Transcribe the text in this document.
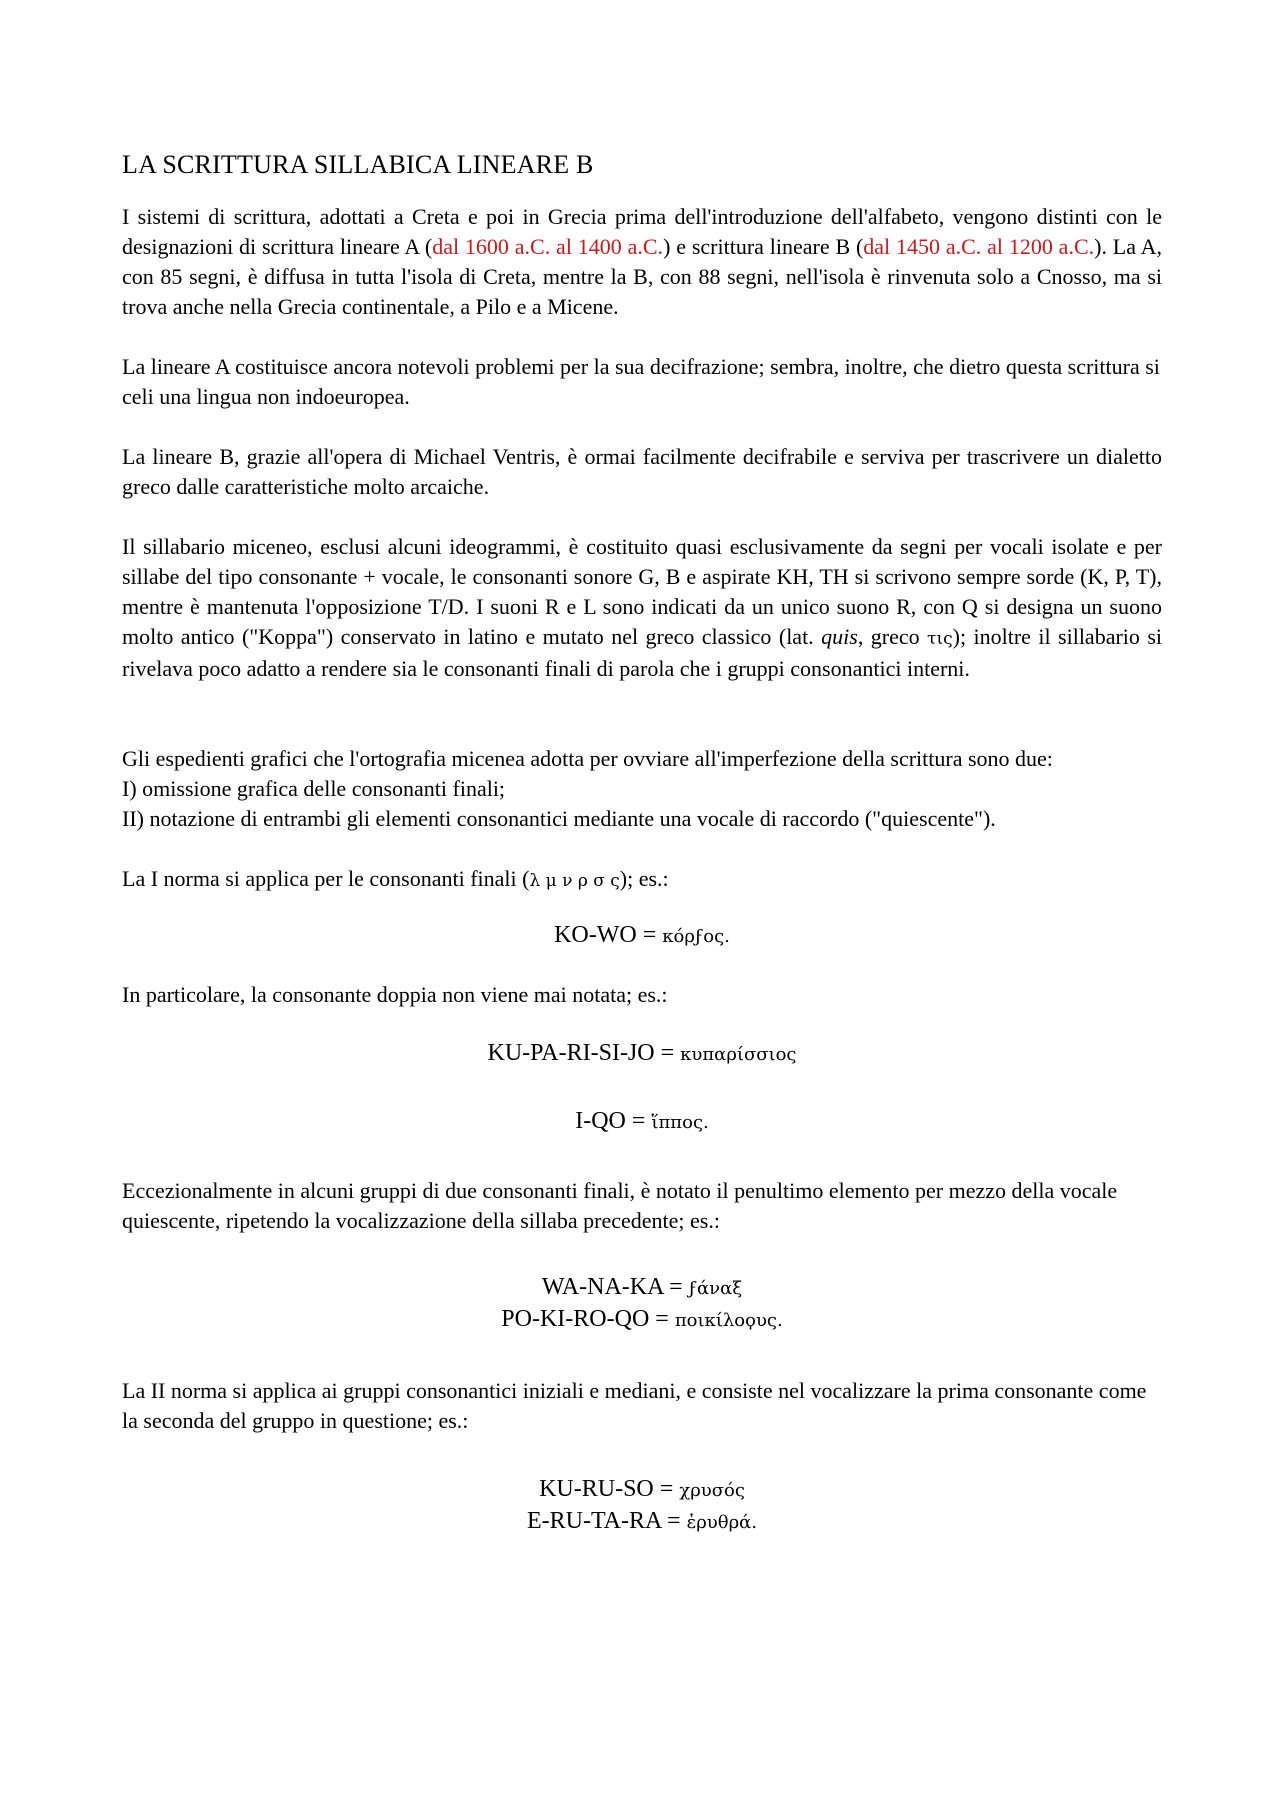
LA SCRITTURA SILLABICA LINEARE B

I sistemi di scrittura, adottati a Creta e poi in Grecia prima dell'introduzione dell'alfabeto, vengono distinti con le designazioni di scrittura lineare A (dal 1600 a.C. al 1400 a.C.) e scrittura lineare B (dal 1450 a.C. al 1200 a.C.). La A, con 85 segni, è diffusa in tutta l'isola di Creta, mentre la B, con 88 segni, nell'isola è rinvenuta solo a Cnosso, ma si trova anche nella Grecia continentale, a Pilo e a Micene.

La lineare A costituisce ancora notevoli problemi per la sua decifrazione; sembra, inoltre, che dietro questa scrittura si celi una lingua non indoeuropea.

La lineare B, grazie all'opera di Michael Ventris, è ormai facilmente decifrabile e serviva per trascrivere un dialetto greco dalle caratteristiche molto arcaiche.

Il sillabario miceneo, esclusi alcuni ideogrammi, è costituito quasi esclusivamente da segni per vocali isolate e per sillabe del tipo consonante + vocale, le consonanti sonore G, B e aspirate KH, TH si scrivono sempre sorde (K, P, T), mentre è mantenuta l'opposizione T/D. I suoni R e L sono indicati da un unico suono R, con Q si designa un suono molto antico ("Koppa") conservato in latino e mutato nel greco classico (lat. quis, greco τις); inoltre il sillabario si rivelava poco adatto a rendere sia le consonanti finali di parola che i gruppi consonantici interni.

Gli espedienti grafici che l'ortografia micenea adotta per ovviare all'imperfezione della scrittura sono due:
I) omissione grafica delle consonanti finali;
II) notazione di entrambi gli elementi consonantici mediante una vocale di raccordo ("quiescente").

La I norma si applica per le consonanti finali (λ μ ν ρ σ ς); es.:

KO-WO = κόρϝος.

In particolare, la consonante doppia non viene mai notata; es.:

KU-PA-RI-SI-JO = κυπαρίσσιος

I-QO = ἵππος.

Eccezionalmente in alcuni gruppi di due consonanti finali, è notato il penultimo elemento per mezzo della vocale quiescente, ripetendo la vocalizzazione della sillaba precedente; es.:

WA-NA-KA = ϝάναξ

PO-KI-RO-QO = ποικίλοϙυς.

La II norma si applica ai gruppi consonantici iniziali e mediani, e consiste nel vocalizzare la prima consonante come la seconda del gruppo in questione; es.:

KU-RU-SO = χρυσός

E-RU-TA-RA = ἐρυθρά.
